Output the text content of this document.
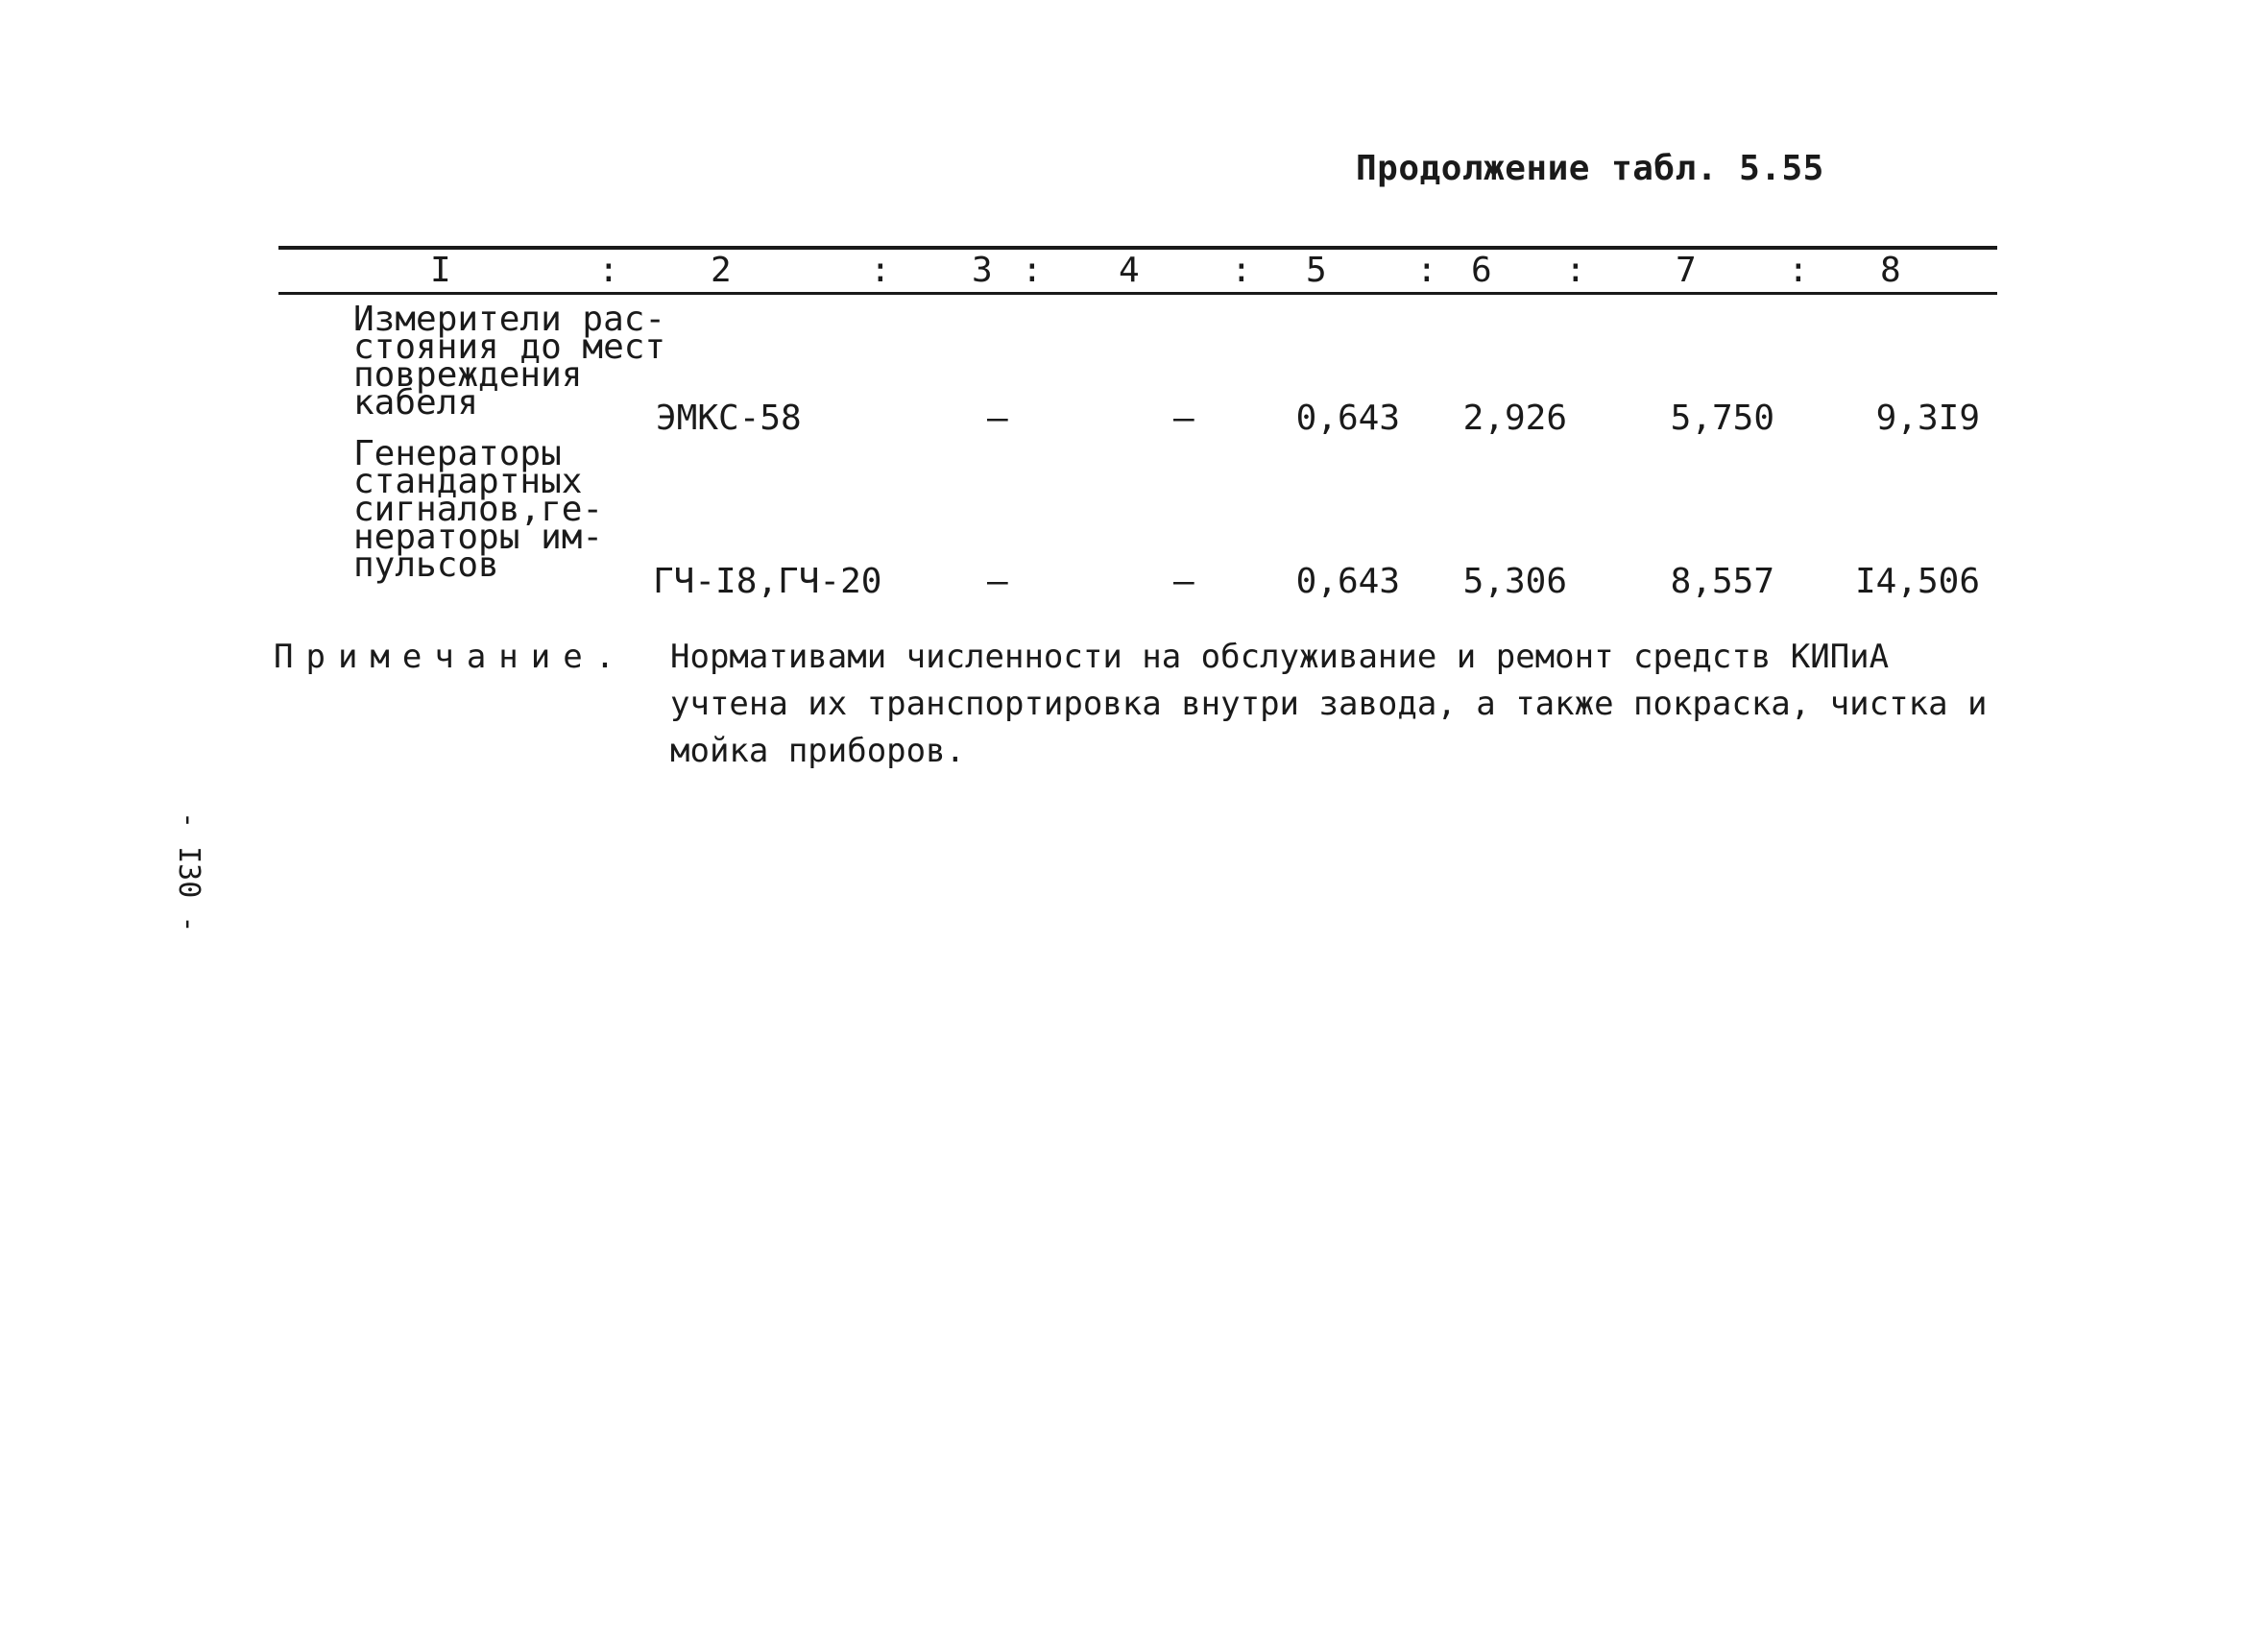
Продолжение табл. 5.55
I	2	3	4	5	6	7	8
:	:	:	:	:	:	:
Измерители рас-
стояния до мест
повреждения
кабеля	ЭМКС-58	–	–	0,643	2,926	5,750	9,3I9
Генераторы
стандартных
сигналов,ге-
нераторы им-
пульсов	ГЧ-I8,ГЧ-20	–	–	0,643	5,306	8,557	I4,506
Примечание. Нормативами численности на обслуживание и ремонт средств КИПиА
учтена их транспортировка внутри завода, а также покраска, чистка и
мойка приборов.
- I30 -
